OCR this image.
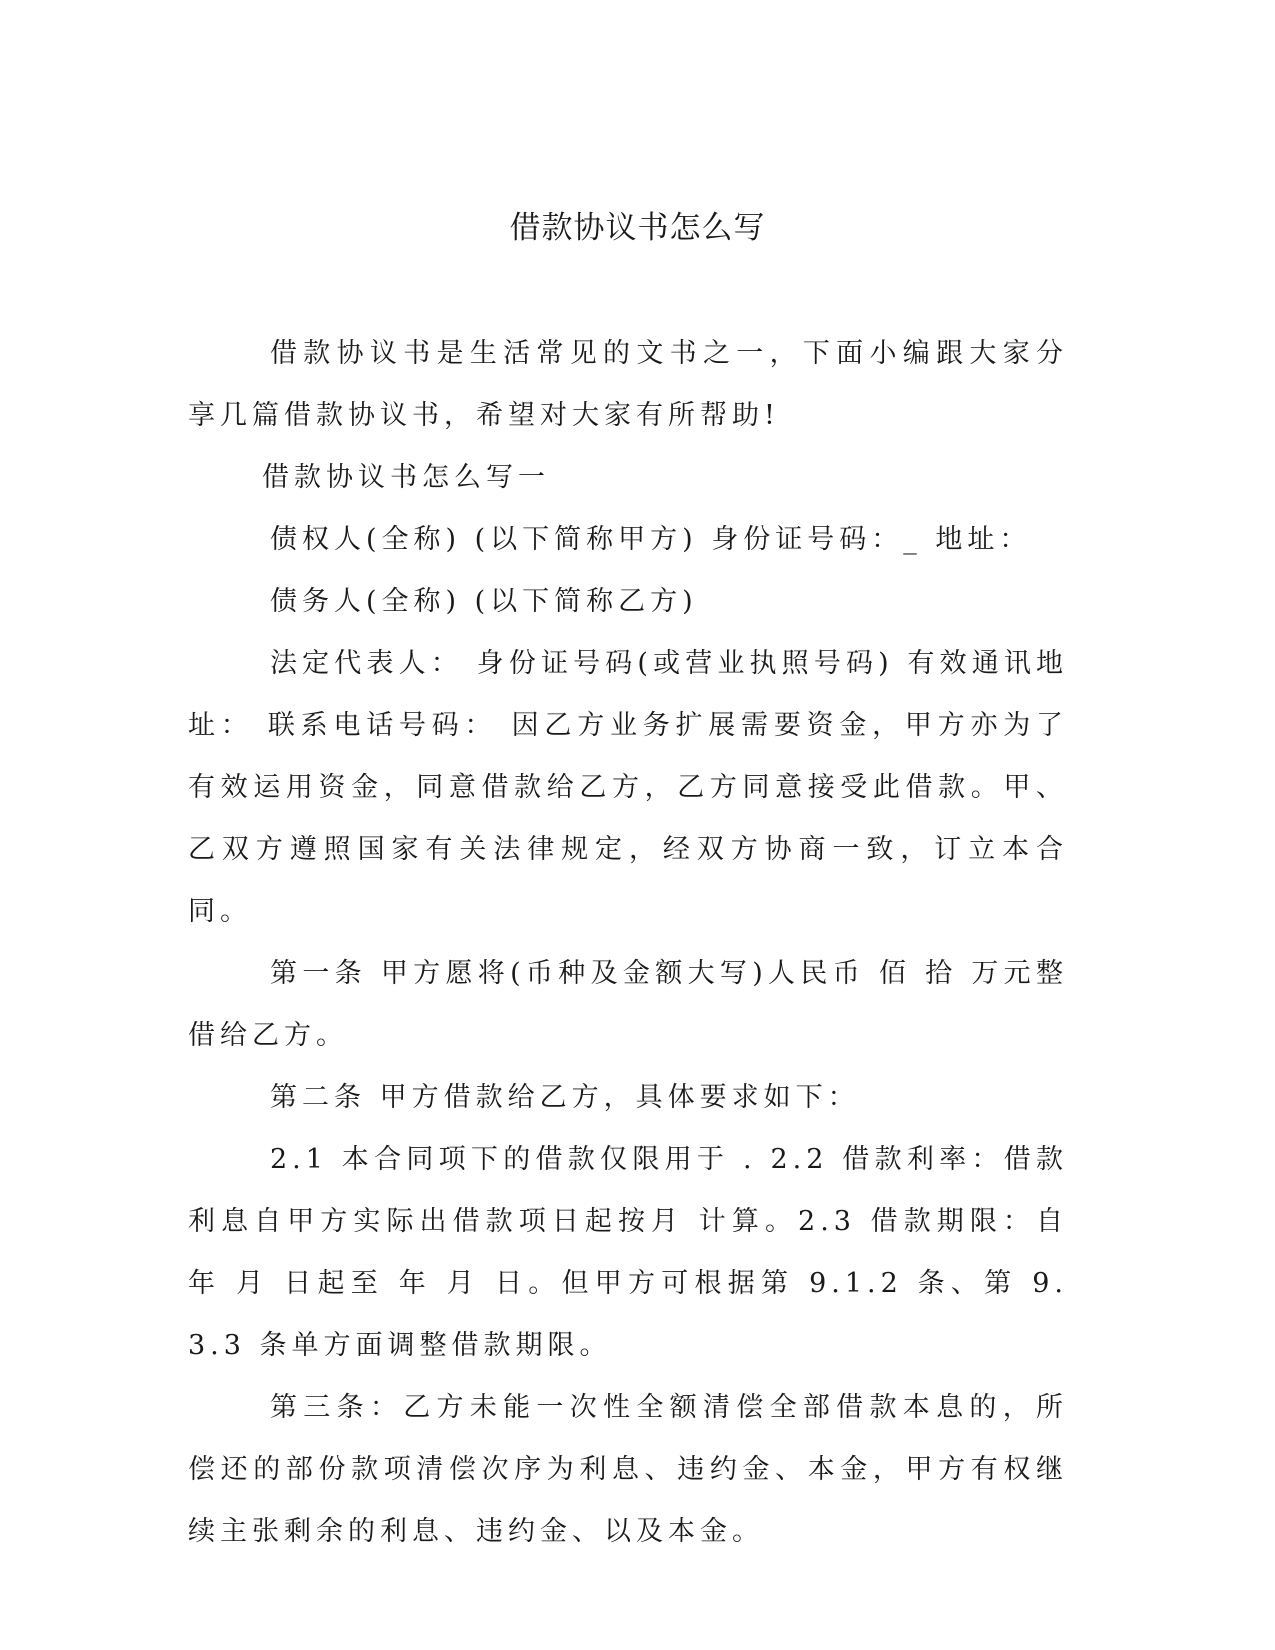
借款协议书怎么写

借款协议书是生活常见的文书之一，下面小编跟大家分享几篇借款协议书，希望对大家有所帮助!

借款协议书怎么写一

债权人(全称) (以下简称甲方) 身份证号码：_ 地址：

债务人(全称) (以下简称乙方)

法定代表人： 身份证号码(或营业执照号码) 有效通讯地址： 联系电话号码： 因乙方业务扩展需要资金，甲方亦为了有效运用资金，同意借款给乙方，乙方同意接受此借款。甲、乙双方遵照国家有关法律规定，经双方协商一致，订立本合同。

第一条 甲方愿将(币种及金额大写)人民币 佰 拾 万元整借给乙方。

第二条 甲方借款给乙方，具体要求如下：

2.1 本合同项下的借款仅限用于 . 2.2 借款利率：借款利息自甲方实际出借款项日起按月 计算。2.3 借款期限：自 年 月 日起至 年 月 日。但甲方可根据第 9.1.2 条、第 9.3.3 条单方面调整借款期限。

第三条：乙方未能一次性全额清偿全部借款本息的，所偿还的部份款项清偿次序为利息、违约金、本金，甲方有权继续主张剩余的利息、违约金、以及本金。
